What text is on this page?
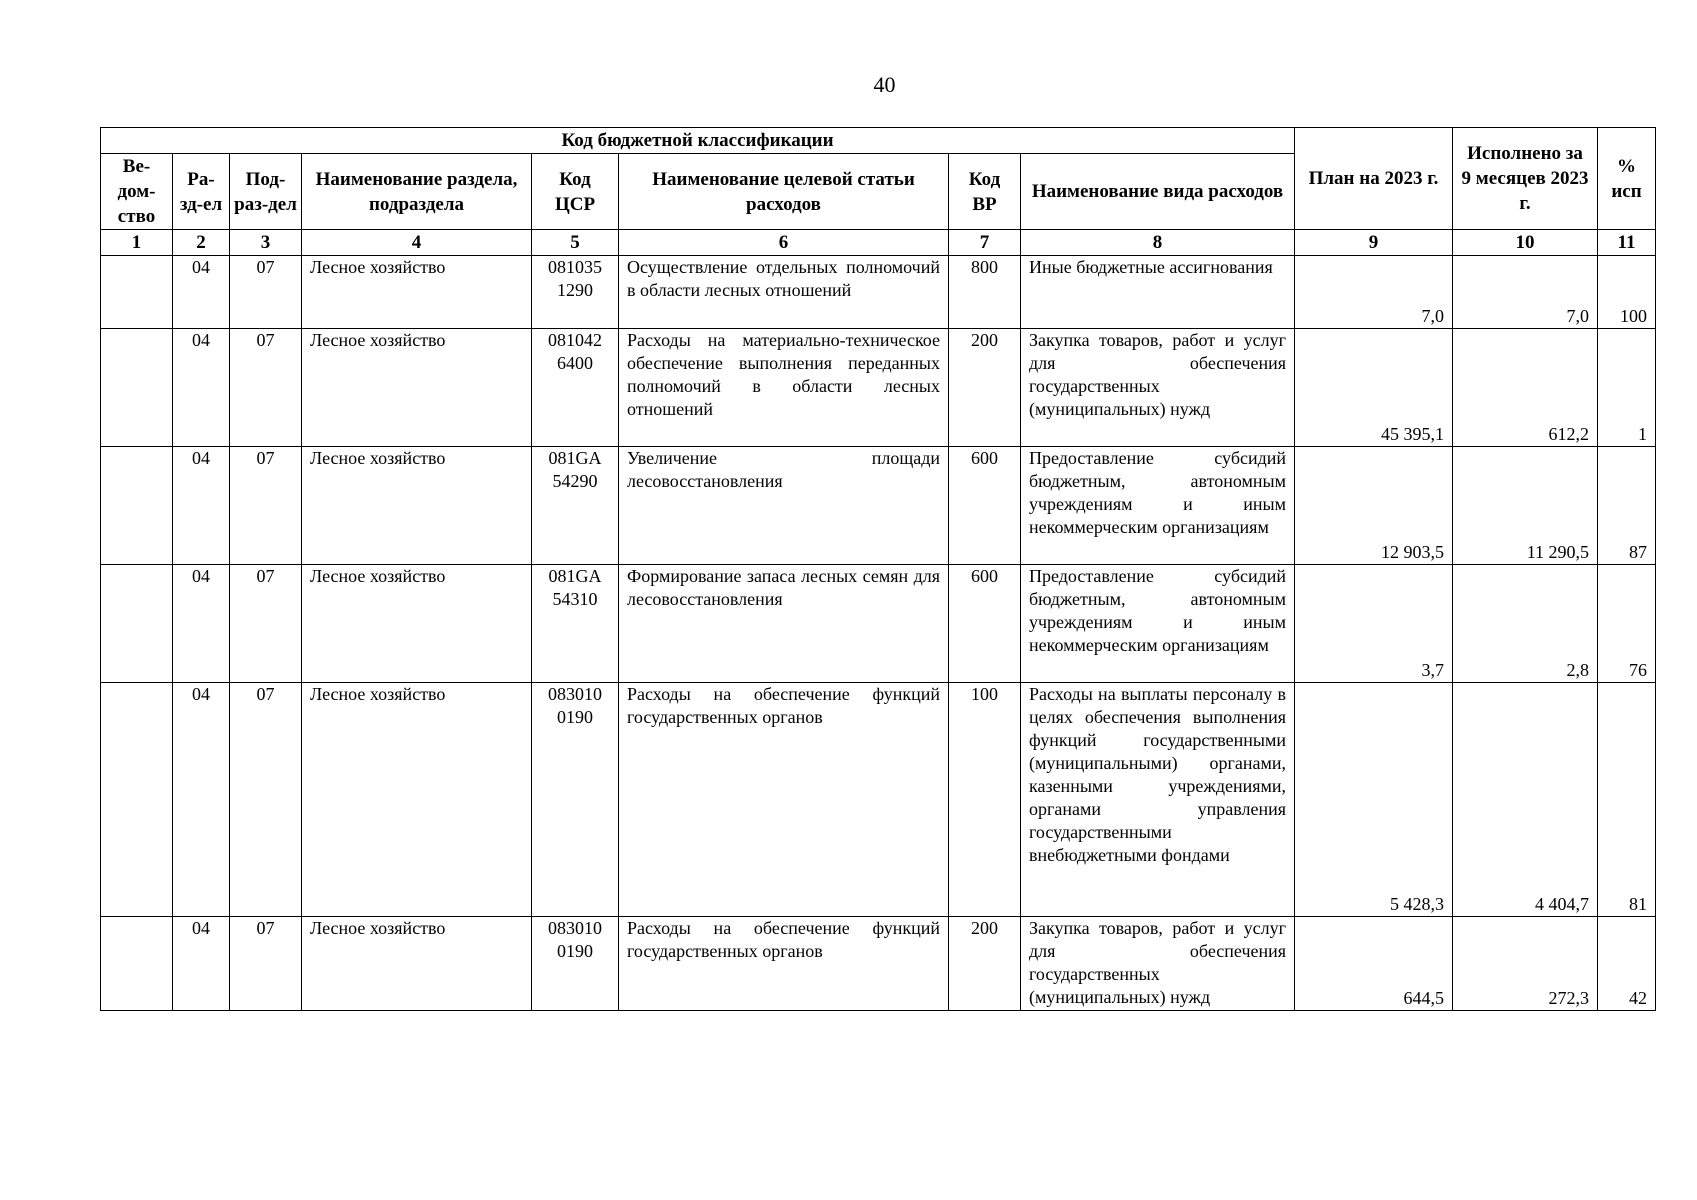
40
Код бюджетной классификации								План на 2023 г.	Исполнено за 9 месяцев 2023 г.	% исп
Ве-дом-ство	Ра-зд-ел	Под-раз-дел	Наименование раздела, подраздела	Код ЦСР	Наименование целевой статьи расходов	Код ВР	Наименование вида расходов			
1	2	3	4	5	6	7	8	9	10	11
	04	07	Лесное хозяйство	081035 1290	Осуществление отдельных полномочий в области лесных отношений	800	Иные бюджетные ассигнования	7,0	7,0	100
	04	07	Лесное хозяйство	081042 6400	Расходы на материально-техническое обеспечение выполнения переданных полномочий в области лесных отношений	200	Закупка товаров, работ и услуг для обеспечения государственных (муниципальных) нужд	45 395,1	612,2	1
	04	07	Лесное хозяйство	081GA 54290	Увеличение площади лесовосстановления	600	Предоставление субсидий бюджетным, автономным учреждениям и иным некоммерческим организациям	12 903,5	11 290,5	87
	04	07	Лесное хозяйство	081GA 54310	Формирование запаса лесных семян для лесовосстановления	600	Предоставление субсидий бюджетным, автономным учреждениям и иным некоммерческим организациям	3,7	2,8	76
	04	07	Лесное хозяйство	083010 0190	Расходы на обеспечение функций государственных органов	100	Расходы на выплаты персоналу в целях обеспечения выполнения функций государственными (муниципальными) органами, казенными учреждениями, органами управления государственными внебюджетными фондами	5 428,3	4 404,7	81
	04	07	Лесное хозяйство	083010 0190	Расходы на обеспечение функций государственных органов	200	Закупка товаров, работ и услуг для обеспечения государственных (муниципальных) нужд	644,5	272,3	42
